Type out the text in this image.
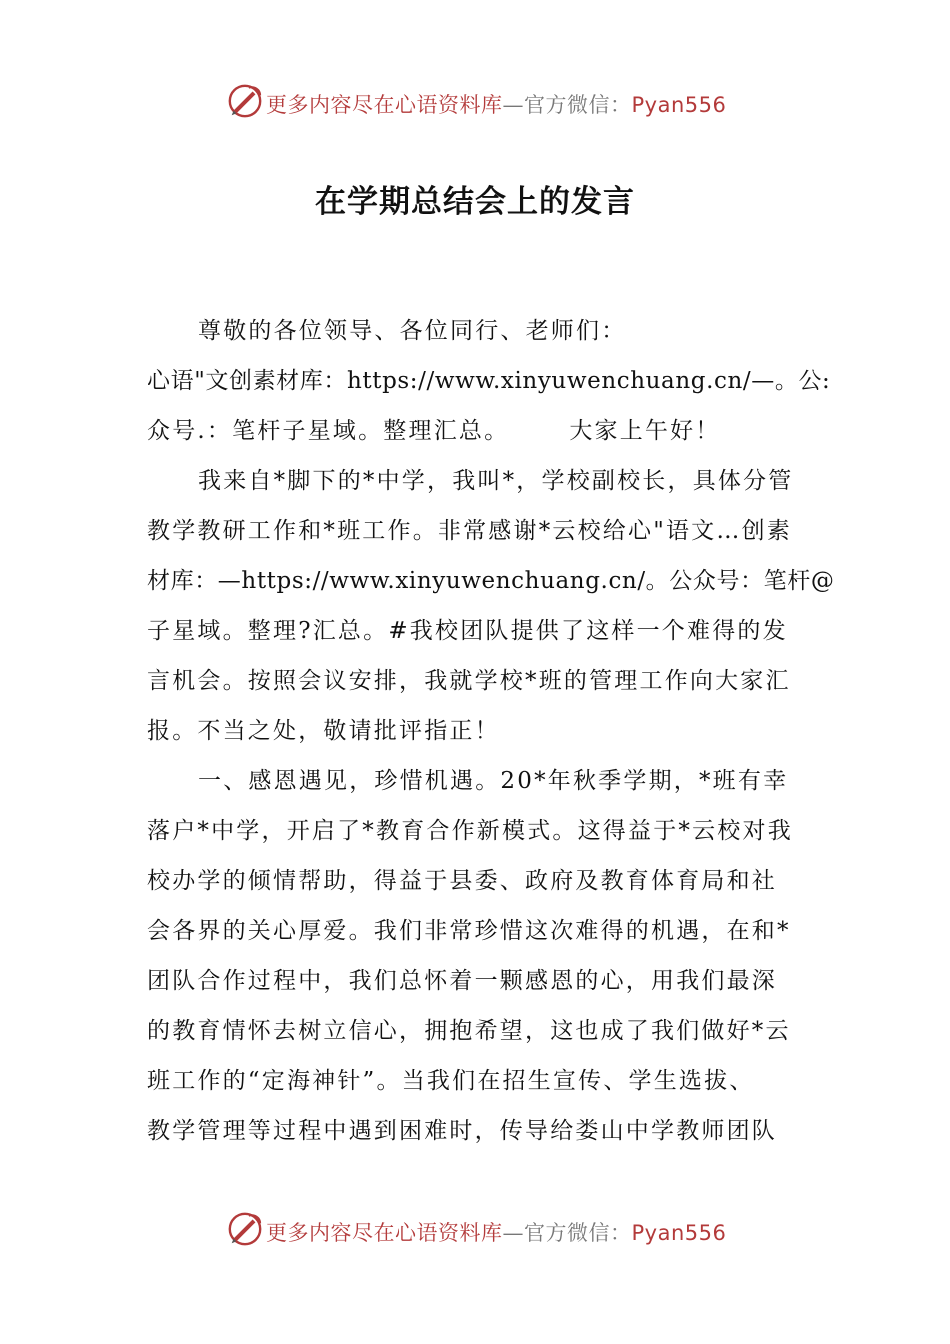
更多内容尽在心语资料库—官方微信：Pyan556
在学期总结会上的发言
尊敬的各位领导、各位同行、老师们：
心语"文创素材库：https://www.xinyuwenchuang.cn/—。公:
众号.：笔杆子星域。整理汇总。	大家上午好！
我来自*脚下的*中学，我叫*，学校副校长，具体分管
教学教研工作和*班工作。非常感谢*云校给心"语文…创素
材库：—https://www.xinyuwenchuang.cn/。公众号：笔杆@
子星域。整理?汇总。#我校团队提供了这样一个难得的发
言机会。按照会议安排，我就学校*班的管理工作向大家汇
报。不当之处，敬请批评指正！
一、感恩遇见，珍惜机遇。20*年秋季学期，*班有幸
落户*中学，开启了*教育合作新模式。这得益于*云校对我
校办学的倾情帮助，得益于县委、政府及教育体育局和社
会各界的关心厚爱。我们非常珍惜这次难得的机遇，在和*
团队合作过程中，我们总怀着一颗感恩的心，用我们最深
的教育情怀去树立信心，拥抱希望，这也成了我们做好*云
班工作的“定海神针”。当我们在招生宣传、学生选拔、
教学管理等过程中遇到困难时，传导给娄山中学教师团队
更多内容尽在心语资料库—官方微信：Pyan556
